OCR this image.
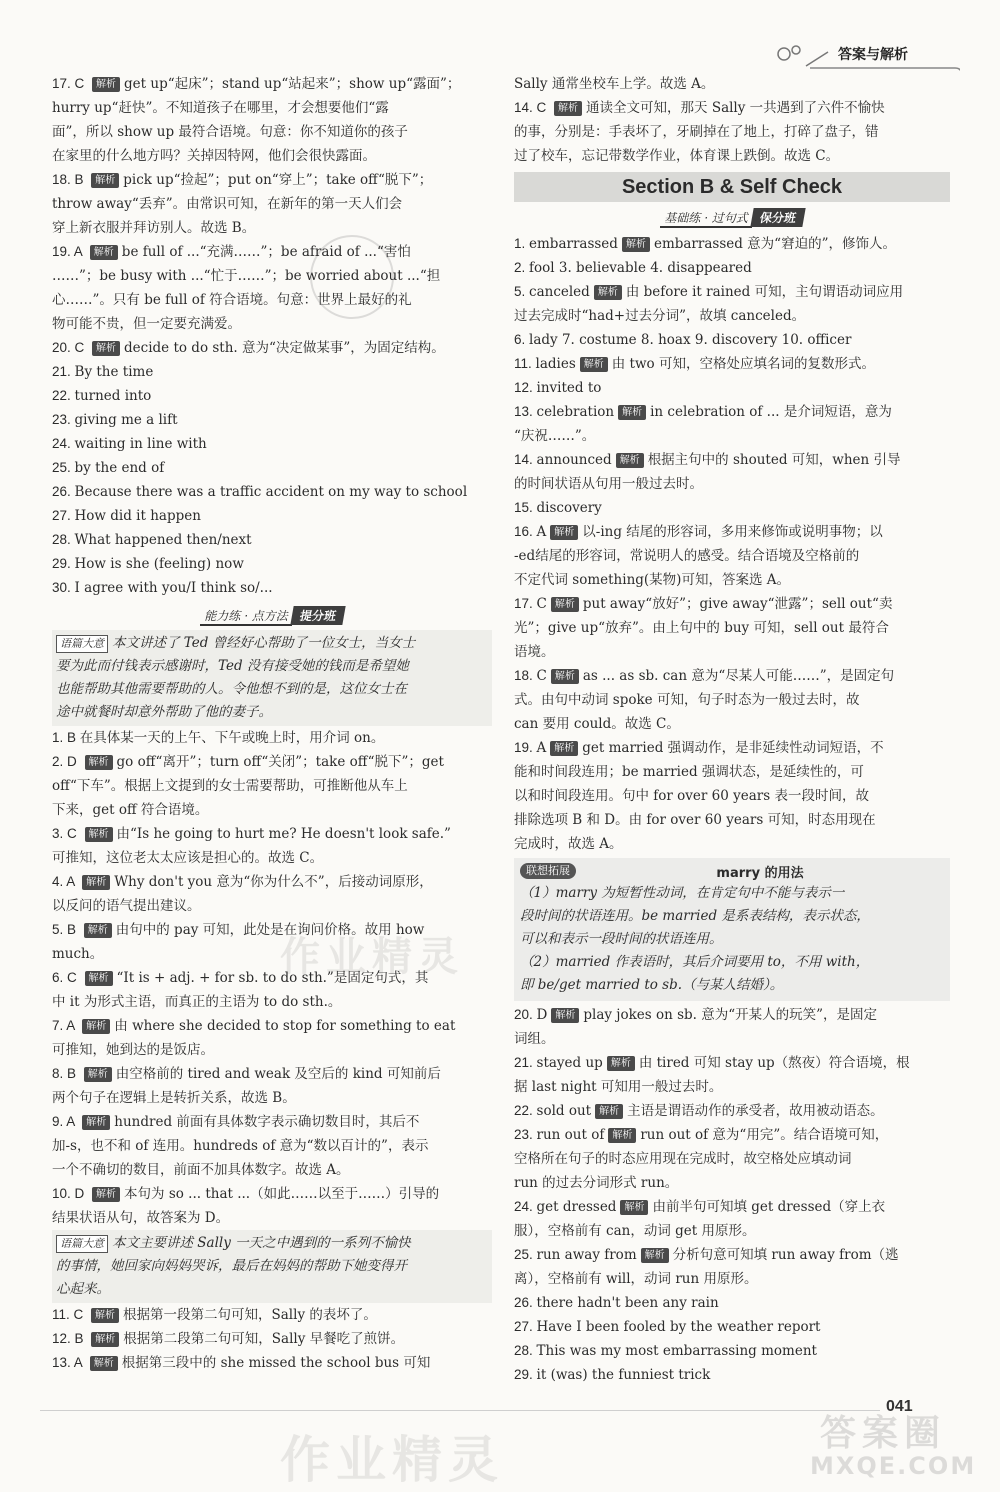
答案与解析
作业精灵
作业精灵	答案圈
MXQE.COM
17. C 解析 get up“起床”；stand up“站起来”；show up“露面”；
hurry up“赶快”。不知道孩子在哪里，才会想要他们“露
面”，所以 show up 最符合语境。句意：你不知道你的孩子
在家里的什么地方吗？关掉因特网，他们会很快露面。
18. B 解析 pick up“捡起”；put on“穿上”；take off“脱下”；
throw away“丢弃”。由常识可知，在新年的第一天人们会
穿上新衣服并拜访别人。故选 B。
19. A 解析 be full of ...“充满……”；be afraid of ...“害怕
……”；be busy with ...“忙于……”；be worried about ...“担
心……”。只有 be full of 符合语境。句意：世界上最好的礼
物可能不贵，但一定要充满爱。
20. C 解析 decide to do sth. 意为“决定做某事”，为固定结构。
21. By the time
22. turned into
23. giving me a lift
24. waiting in line with
25. by the end of
26. Because there was a traffic accident on my way to school
27. How did it happen
28. What happened then/next
29. How is she (feeling) now
30. I agree with you/I think so/...
能力练 · 点方法 提分班
语篇大意 本文讲述了 Ted 曾经好心帮助了一位女士，当女士
要为此而付钱表示感谢时，Ted 没有接受她的钱而是希望她
也能帮助其他需要帮助的人。令他想不到的是，这位女士在
途中就餐时却意外帮助了他的妻子。
1. B 在具体某一天的上午、下午或晚上时，用介词 on。
2. D 解析 go off“离开”；turn off“关闭”；take off“脱下”；get
off“下车”。根据上文提到的女士需要帮助，可推断他从车上
下来，get off 符合语境。
3. C 解析 由“Is he going to hurt me? He doesn't look safe.”
可推知，这位老太太应该是担心的。故选 C。
4. A 解析 Why don't you 意为“你为什么不”，后接动词原形，
以反问的语气提出建议。
5. B 解析 由句中的 pay 可知，此处是在询问价格。故用 how
much。
6. C 解析 “It is + adj. + for sb. to do sth.”是固定句式，其
中 it 为形式主语，而真正的主语为 to do sth.。
7. A 解析 由 where she decided to stop for something to eat
可推知，她到达的是饭店。
8. B 解析 由空格前的 tired and weak 及空后的 kind 可知前后
两个句子在逻辑上是转折关系，故选 B。
9. A 解析 hundred 前面有具体数字表示确切数目时，其后不
加-s，也不和 of 连用。hundreds of 意为“数以百计的”，表示
一个不确切的数目，前面不加具体数字。故选 A。
10. D 解析 本句为 so ... that ...（如此……以至于……）引导的
结果状语从句，故答案为 D。
语篇大意 本文主要讲述 Sally 一天之中遇到的一系列不愉快
的事情，她回家向妈妈哭诉，最后在妈妈的帮助下她变得开
心起来。
11. C 解析 根据第一段第二句可知，Sally 的表坏了。
12. B 解析 根据第二段第二句可知，Sally 早餐吃了煎饼。
13. A 解析 根据第三段中的 she missed the school bus 可知
Sally 通常坐校车上学。故选 A。
14. C 解析 通读全文可知，那天 Sally 一共遇到了六件不愉快
的事，分别是：手表坏了，牙刷掉在了地上，打碎了盘子，错
过了校车，忘记带数学作业，体育课上跌倒。故选 C。
Section B & Self Check
基础练 · 过句式 保分班
1. embarrassed 解析 embarrassed 意为“窘迫的”，修饰人。
2. fool 3. believable 4. disappeared
5. canceled 解析 由 before it rained 可知，主句谓语动词应用
过去完成时“had+过去分词”，故填 canceled。
6. lady 7. costume 8. hoax 9. discovery 10. officer
11. ladies 解析 由 two 可知，空格处应填名词的复数形式。
12. invited to
13. celebration 解析 in celebration of ... 是介词短语，意为
“庆祝……”。
14. announced 解析 根据主句中的 shouted 可知，when 引导
的时间状语从句用一般过去时。
15. discovery
16. A 解析 以-ing 结尾的形容词，多用来修饰或说明事物；以
-ed结尾的形容词，常说明人的感受。结合语境及空格前的
不定代词 something(某物)可知，答案选 A。
17. C 解析 put away“放好”；give away“泄露”；sell out“卖
光”；give up“放弃”。由上句中的 buy 可知，sell out 最符合
语境。
18. C 解析 as ... as sb. can 意为“尽某人可能……”，是固定句
式。由句中动词 spoke 可知，句子时态为一般过去时，故
can 要用 could。故选 C。
19. A 解析 get married 强调动作，是非延续性动词短语，不
能和时间段连用；be married 强调状态，是延续性的，可
以和时间段连用。句中 for over 60 years 表一段时间，故
排除选项 B 和 D。由 for over 60 years 可知，时态用现在
完成时，故选 A。
联想拓展	marry 的用法
（1）marry 为短暂性动词，在肯定句中不能与表示一
段时间的状语连用。be married 是系表结构，表示状态，
可以和表示一段时间的状语连用。
（2）married 作表语时，其后介词要用 to，不用 with，
即 be/get married to sb.（与某人结婚）。
20. D 解析 play jokes on sb. 意为“开某人的玩笑”，是固定
词组。
21. stayed up 解析 由 tired 可知 stay up（熬夜）符合语境，根
据 last night 可知用一般过去时。
22. sold out 解析 主语是谓语动作的承受者，故用被动语态。
23. run out of 解析 run out of 意为“用完”。结合语境可知，
空格所在句子的时态应用现在完成时，故空格处应填动词
run 的过去分词形式 run。
24. get dressed 解析 由前半句可知填 get dressed（穿上衣
服），空格前有 can，动词 get 用原形。
25. run away from 解析 分析句意可知填 run away from（逃
离），空格前有 will，动词 run 用原形。
26. there hadn't been any rain
27. Have I been fooled by the weather report
28. This was my most embarrassing moment
29. it (was) the funniest trick
041
